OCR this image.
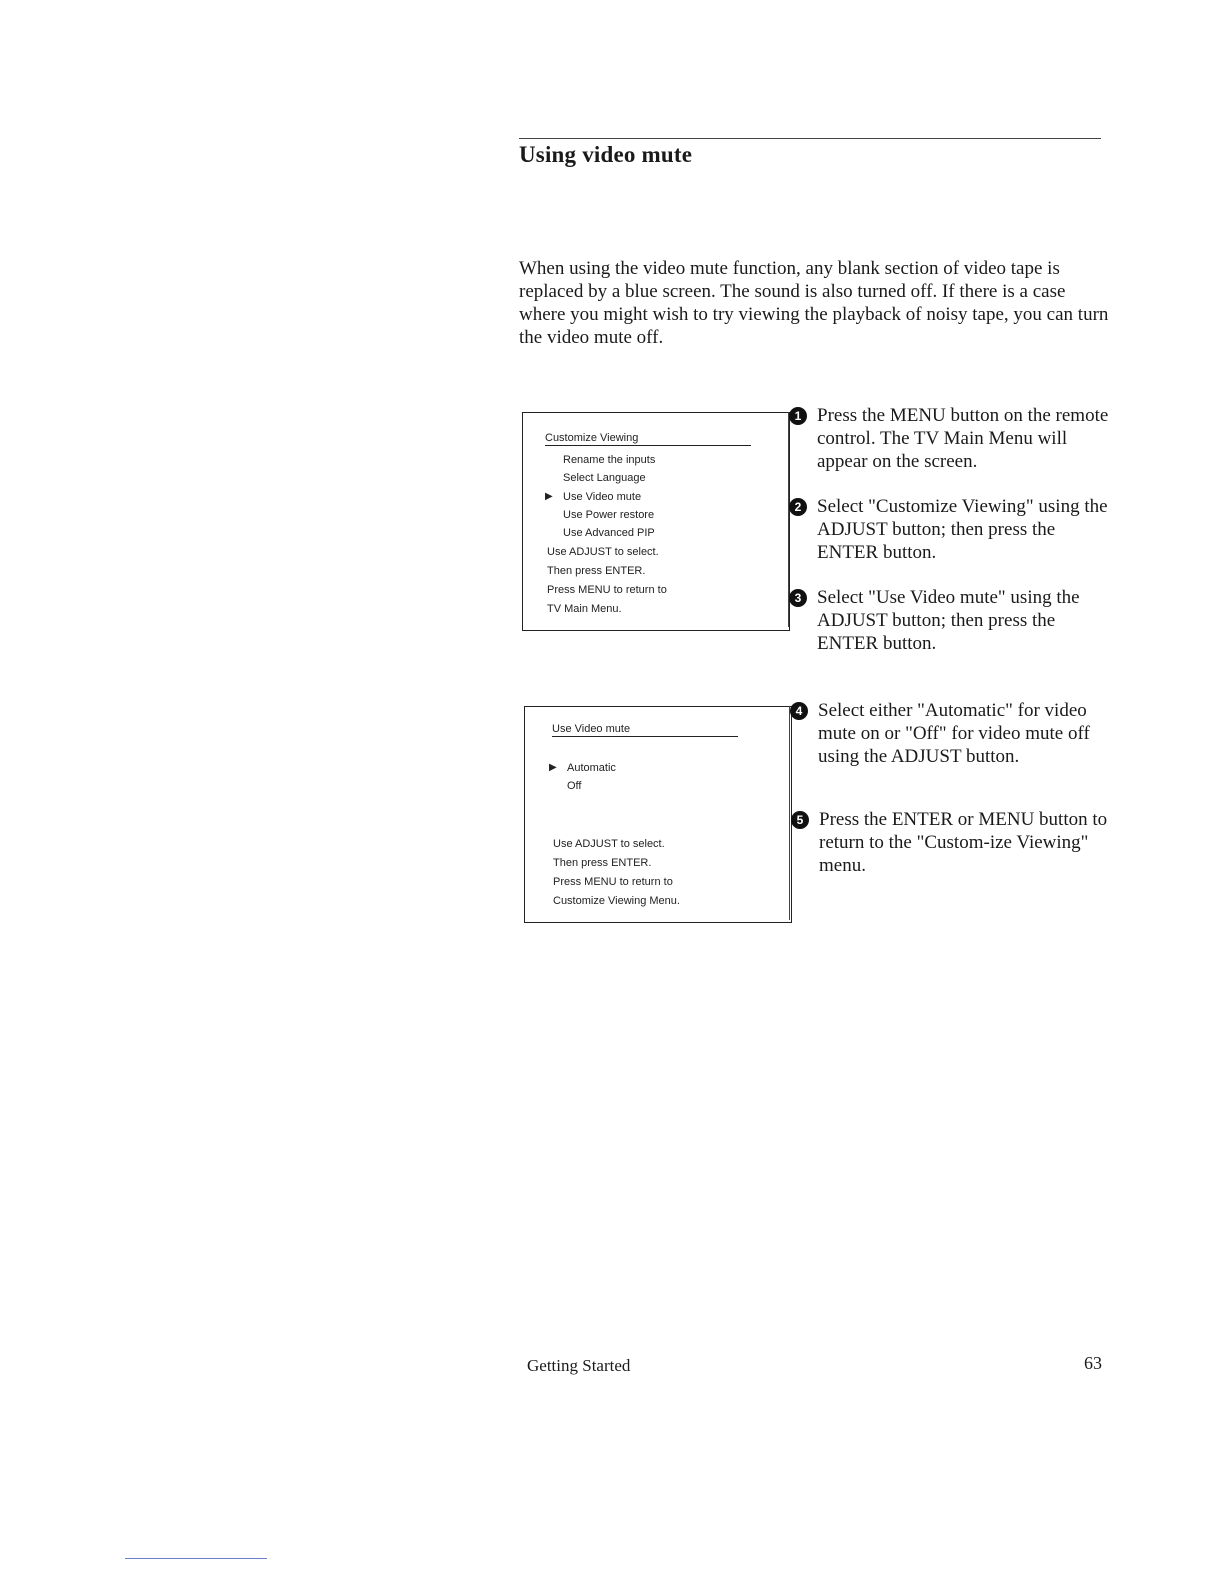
Using video mute

When using the video mute function, any blank section of video tape is replaced by a blue screen. The sound is also turned off. If there is a case where you might wish to try viewing the playback of noisy tape, you can turn the video mute off.

Customize Viewing
Rename the inputs
Select Language
▶ Use Video mute
Use Power restore
Use Advanced PIP
Use ADJUST to select.
Then press ENTER.
Press MENU to return to
TV Main Menu.
Use Video mute
▶ Automatic
Off
Use ADJUST to select.
Then press ENTER.
Press MENU to return to
Customize Viewing Menu.
1 Press the MENU button on the remote control. The TV Main Menu will appear on the screen.

2 Select "Customize Viewing" using the ADJUST button; then press the ENTER button.

3 Select "Use Video mute" using the ADJUST button; then press the ENTER button.

4 Select either "Automatic" for video mute on or "Off" for video mute off using the ADJUST button.

5 Press the ENTER or MENU button to return to the "Custom-ize Viewing" menu.

Getting Started	63
